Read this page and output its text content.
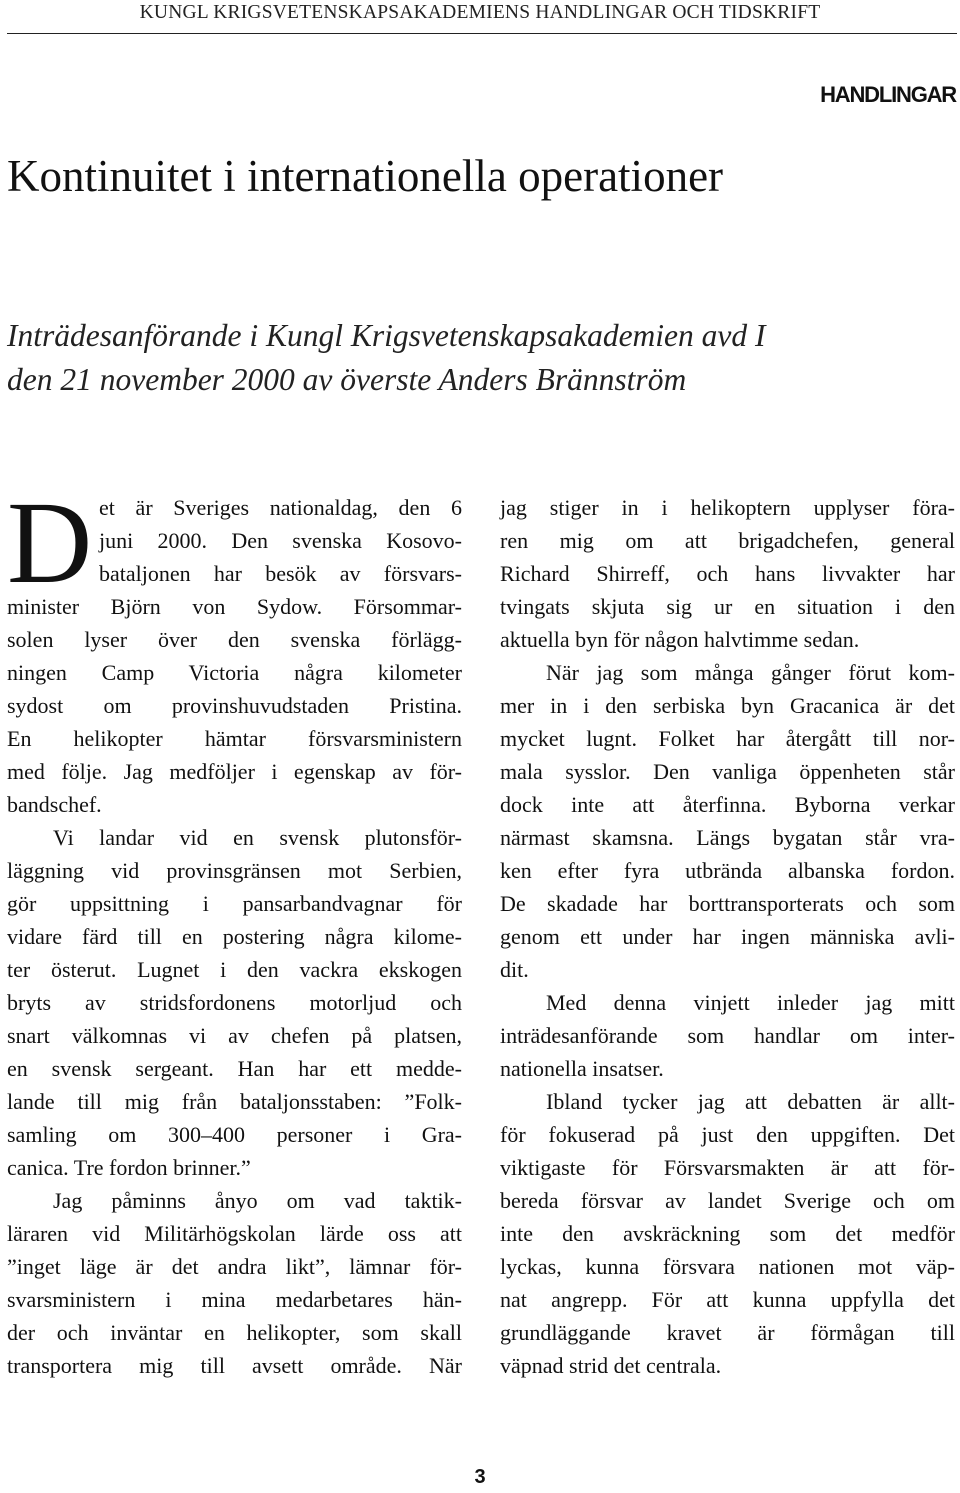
KUNGL KRIGSVETENSKAPSAKADEMIENS HANDLINGAR OCH TIDSKRIFT
HANDLINGAR
Kontinuitet i internationella operationer
Inträdesanförande i Kungl Krigsvetenskapsakademien avd I
den 21 november 2000 av överste Anders Brännström
D et är Sveriges nationaldag, den 6
juni 2000. Den svenska Kosovo-
bataljonen har besök av försvars-
minister Björn von Sydow. Försommar-
solen lyser över den svenska förlägg-
ningen Camp Victoria några kilometer
sydost om provinshuvudstaden Pristina.
En helikopter hämtar försvarsministern
med följe. Jag medföljer i egenskap av för-
bandschef.
Vi landar vid en svensk plutonsför-
läggning vid provinsgränsen mot Serbien,
gör uppsittning i pansarbandvagnar för
vidare färd till en postering några kilome-
ter österut. Lugnet i den vackra ekskogen
bryts av stridsfordonens motorljud och
snart välkomnas vi av chefen på platsen,
en svensk sergeant. Han har ett medde-
lande till mig från bataljonsstaben: ”Folk-
samling om 300–400 personer i Gra-
canica. Tre fordon brinner.”
Jag påminns ånyo om vad taktik-
läraren vid Militärhögskolan lärde oss att
”inget läge är det andra likt”, lämnar för-
svarsministern i mina medarbetares hän-
der och inväntar en helikopter, som skall
transportera mig till avsett område. När
jag stiger in i helikoptern upplyser föra-
ren mig om att brigadchefen, general
Richard Shirreff, och hans livvakter har
tvingats skjuta sig ur en situation i den
aktuella byn för någon halvtimme sedan.
När jag som många gånger förut kom-
mer in i den serbiska byn Gracanica är det
mycket lugnt. Folket har återgått till nor-
mala sysslor. Den vanliga öppenheten står
dock inte att återfinna. Byborna verkar
närmast skamsna. Längs bygatan står vra-
ken efter fyra utbrända albanska fordon.
De skadade har borttransporterats och som
genom ett under har ingen människa avli-
dit.
Med denna vinjett inleder jag mitt
inträdesanförande som handlar om inter-
nationella insatser.
Ibland tycker jag att debatten är allt-
för fokuserad på just den uppgiften. Det
viktigaste för Försvarsmakten är att för-
bereda försvar av landet Sverige och om
inte den avskräckning som det medför
lyckas, kunna försvara nationen mot väp-
nat angrepp. För att kunna uppfylla det
grundläggande kravet är förmågan till
väpnad strid det centrala.
3
